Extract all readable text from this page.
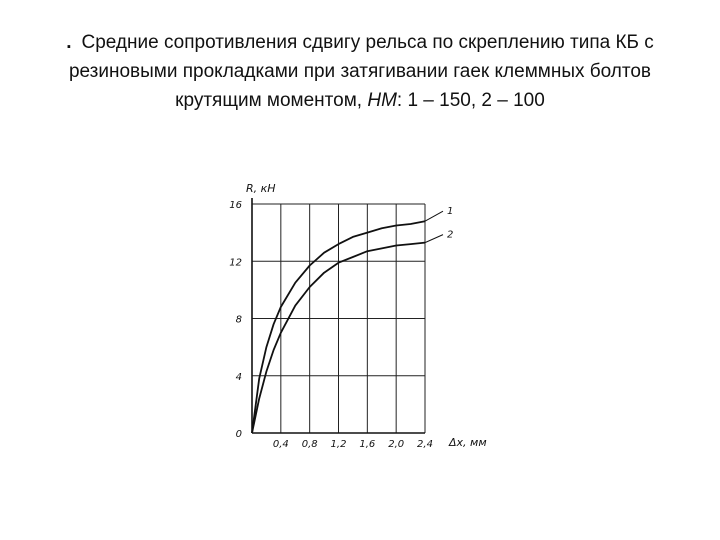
. Средние сопротивления сдвигу рельса по скреплению типа КБ с
резиновыми прокладками при затягивании гаек клеммных болтов
крутящим моментом, НМ: 1 – 150, 2 – 100
0,4 0,8 1,2 1,6 2,0 2,4
0
4
8
12
16
1
2
R, кН
Δx, мм
